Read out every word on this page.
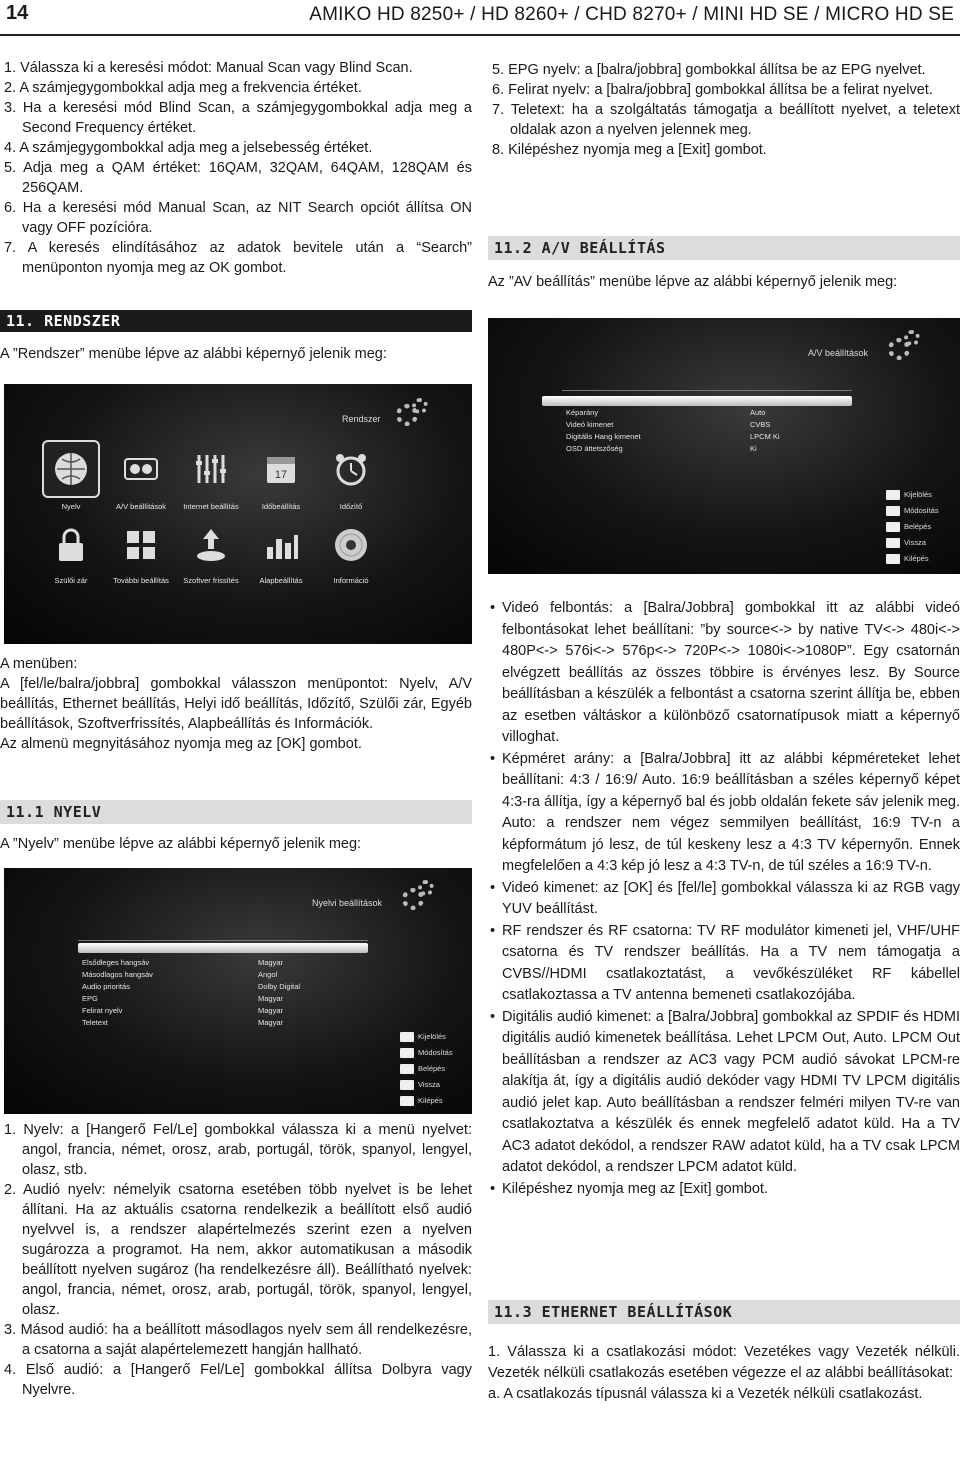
14	AMIKO HD 8250+ / HD 8260+ / CHD 8270+ / MINI HD SE / MICRO HD SE
1. Válassza ki a keresési módot: Manual Scan vagy Blind Scan.
2. A számjegygombokkal adja meg a frekvencia értéket.
3. Ha a keresési mód Blind Scan, a számjegygombokkal adja meg a Second Frequency értéket.
4. A számjegygombokkal adja meg a jelsebesség értéket.
5. Adja meg a QAM értéket: 16QAM, 32QAM, 64QAM, 128QAM és 256QAM.
6. Ha a keresési mód Manual Scan, az NIT Search opciót állítsa ON vagy OFF pozícióra.
7. A keresés elindításához az adatok bevitele után a “Search” menüponton nyomja meg az OK gombot.
11. RENDSZER
A ”Rendszer” menübe lépve az alábbi képernyő jelenik meg:
Rendszer
17
Nyelv	A/V beállítások	Internet beállítás	Időbeállítás	Időzítő
Szülői zár	További beállítás	Szoftver frissítés	Alapbeállítás	Információ
A menüben:
A [fel/le/balra/jobbra] gombokkal válasszon menüpontot: Nyelv, A/V beállítás, Ethernet beállítás, Helyi idő beállítás, Időzítő, Szülői zár, Egyéb beállítások, Szoftverfrissítés, Alapbeállítás és Információk.
Az almenü megnyitásához nyomja meg az [OK] gombot.
11.1 NYELV
A ”Nyelv” menübe lépve az alábbi képernyő jelenik meg:
Nyelvi beállítások
Elsődleges hangsáv	Magyar
Másodlagos hangsáv	Angol
Audio prioritás	Dolby Digital
EPG	Magyar
Felirat nyelv	Magyar
Teletext	Magyar
Kijelölés
Módosítás
Belépés
Vissza
Kilépés
1. Nyelv: a [Hangerő Fel/Le] gombokkal válassza ki a menü nyelvet: angol, francia, német, orosz, arab, portugál, török, spanyol, lengyel, olasz, stb.
2. Audió nyelv: némelyik csatorna esetében több nyelvet is be lehet állítani. Ha az aktuális csatorna rendelkezik a beállított első audió nyelvvel is, a rendszer alapértelmezés szerint ezen a nyelven sugározza a programot. Ha nem, akkor automatikusan a második beállított nyelven sugároz (ha rendelkezésre áll). Beállítható nyelvek: angol, francia, német, orosz, arab, portugál, török, spanyol, lengyel, olasz.
3. Másod audió: ha a beállított másodlagos nyelv sem áll rendelkezésre, a csatorna a saját alapértelemezett hangján hallható.
4. Első audió: a [Hangerő Fel/Le] gombokkal állítsa Dolbyra vagy Nyelvre.
5. EPG nyelv: a [balra/jobbra] gombokkal állítsa be az EPG nyelvet.
6. Felirat nyelv: a [balra/jobbra] gombokkal állítsa be a felirat nyelvet.
7. Teletext: ha a szolgáltatás támogatja a beállított nyelvet, a teletext oldalak azon a nyelven jelennek meg.
8. Kilépéshez nyomja meg a [Exit] gombot.
11.2 A/V BEÁLLÍTÁS
Az ”AV beállítás” menübe lépve az alábbi képernyő jelenik meg:
A/V beállítások
Képarány	Auto
Videó kimenet	CVBS
Digitális Hang kimenet	LPCM Ki
OSD áttetszőség	Ki
Kijelölés
Módosítás
Belépés
Vissza
Kilépés
• Videó felbontás: a [Balra/Jobbra] gombokkal itt az alábbi videó felbontásokat lehet beállítani: ”by source<-> by native TV<-> 480i<-> 480P<-> 576i<-> 576p<-> 720P<-> 1080i<->1080P”. Egy csatornán elvégzett beállítás az összes többire is érvényes lesz. By Source beállításban a készülék a felbontást a csatorna szerint állítja be, ebben az esetben váltáskor a különböző csatornatípusok miatt a képernyő villoghat.
• Képméret arány: a [Balra/Jobbra] itt az alábbi képméreteket lehet beállítani: 4:3 / 16:9/ Auto. 16:9 beállításban a széles képernyő képet 4:3-ra állítja, így a képernyő bal és jobb oldalán fekete sáv jelenik meg. Auto: a rendszer nem végez semmilyen beállítást, 16:9 TV-n a képformátum jó lesz, de túl keskeny lesz a 4:3 TV képernyőn. Ennek megfelelően a 4:3 kép jó lesz a 4:3 TV-n, de túl széles a 16:9 TV-n.
• Videó kimenet: az [OK] és [fel/le] gombokkal válassza ki az RGB vagy YUV beállítást.
• RF rendszer és RF csatorna: TV RF modulátor kimeneti jel, VHF/UHF csatorna és TV rendszer beállítás. Ha a TV nem támogatja a CVBS//HDMI csatlakoztatást, a vevőkészüléket RF kábellel csatlakoztassa a TV antenna bemeneti csatlakozójába.
• Digitális audió kimenet: a [Balra/Jobbra] gombokkal az SPDIF és HDMI digitális audió kimenetek beállítása. Lehet LPCM Out, Auto. LPCM Out beállításban a rendszer az AC3 vagy PCM audió sávokat LPCM-re alakítja át, így a digitális audió dekóder vagy HDMI TV LPCM digitális audió jelet kap. Auto beállításban a rendszer felméri milyen TV-re van csatlakoztatva a készülék és ennek megfelelő adatot küld. Ha a TV AC3 adatot dekódol, a rendszer RAW adatot küld, ha a TV csak LPCM adatot dekódol, a rendszer LPCM adatot küld.
• Kilépéshez nyomja meg az [Exit] gombot.
11.3 ETHERNET BEÁLLÍTÁSOK
1. Válassza ki a csatlakozási módot: Vezetékes vagy Vezeték nélküli. Vezeték nélküli csatlakozás esetében végezze el az alábbi beállításokat:
a. A csatlakozás típusnál válassza ki a Vezeték nélküli csatlakozást.
